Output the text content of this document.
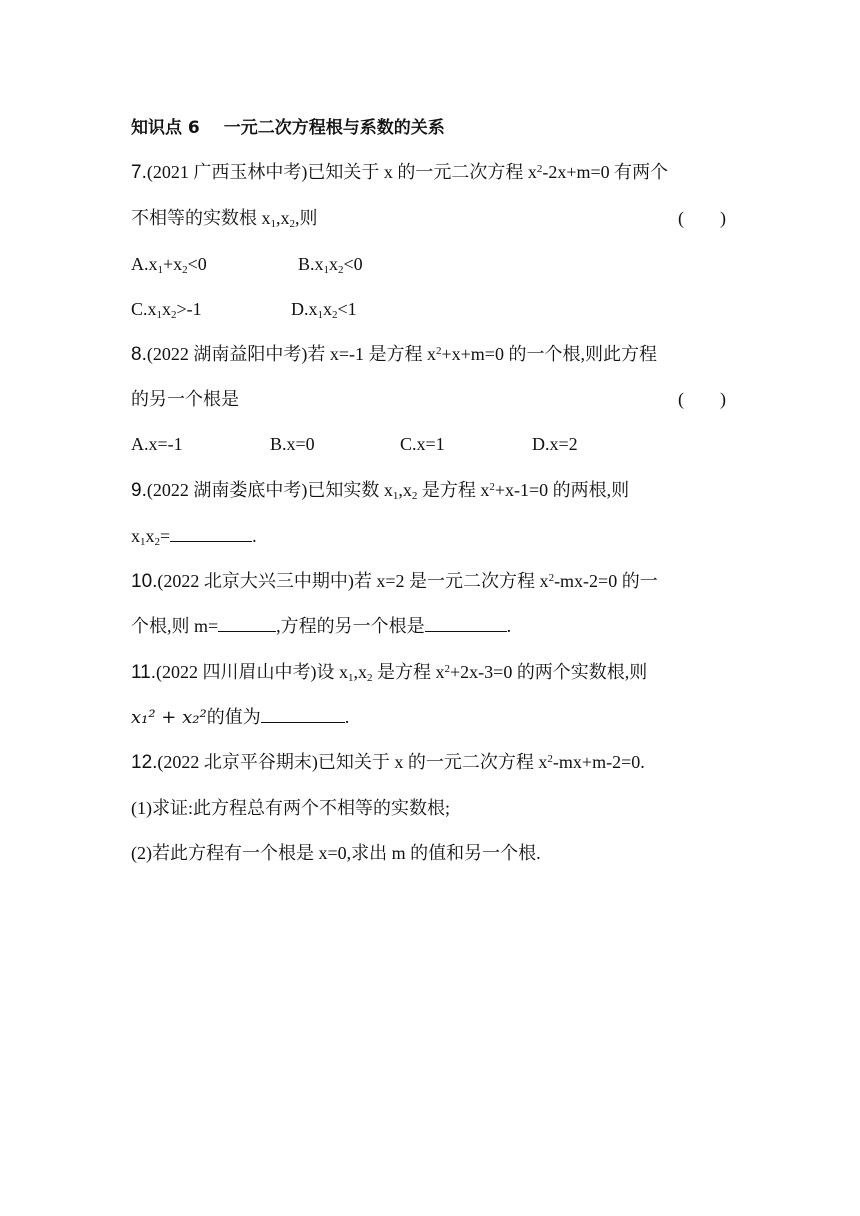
知识点 6 一元二次方程根与系数的关系
7.(2021 广西玉林中考)已知关于 x 的一元二次方程 $x^2-2x+m=0$ 有两个
不相等的实数根 $x_1,x_2$,则	(　　)
$A.x_1+x_2<0$	$B.x_1x_2<0$
$C.x_1x_2>-1$	$D.x_1x_2<1$
8.(2022 湖南益阳中考)若 x=-1 是方程 $x^2+x+m=0$ 的一个根,则此方程
的另一个根是	(　　)
A.x=-1	B.x=0	C.x=1	D.x=2
9.(2022 湖南娄底中考)已知实数 $x_1,x_2$ 是方程 $x^2+x-1=0$ 的两根,则
$x_1x_2=$	.
10.(2022 北京大兴三中期中)若 x=2 是一元二次方程 $x^2-mx-2=0$ 的一
个根,则 m=	,方程的另一个根是	.
11.(2022 四川眉山中考)设 $x_1,x_2$ 是方程 $x^2+2x-3=0$ 的两个实数根,则
x₁² + x₂²的值为	.
12.(2022 北京平谷期末)已知关于 x 的一元二次方程 $x^2-mx+m-2=0$.
(1)求证:此方程总有两个不相等的实数根;
(2)若此方程有一个根是 x=0,求出 m 的值和另一个根.
